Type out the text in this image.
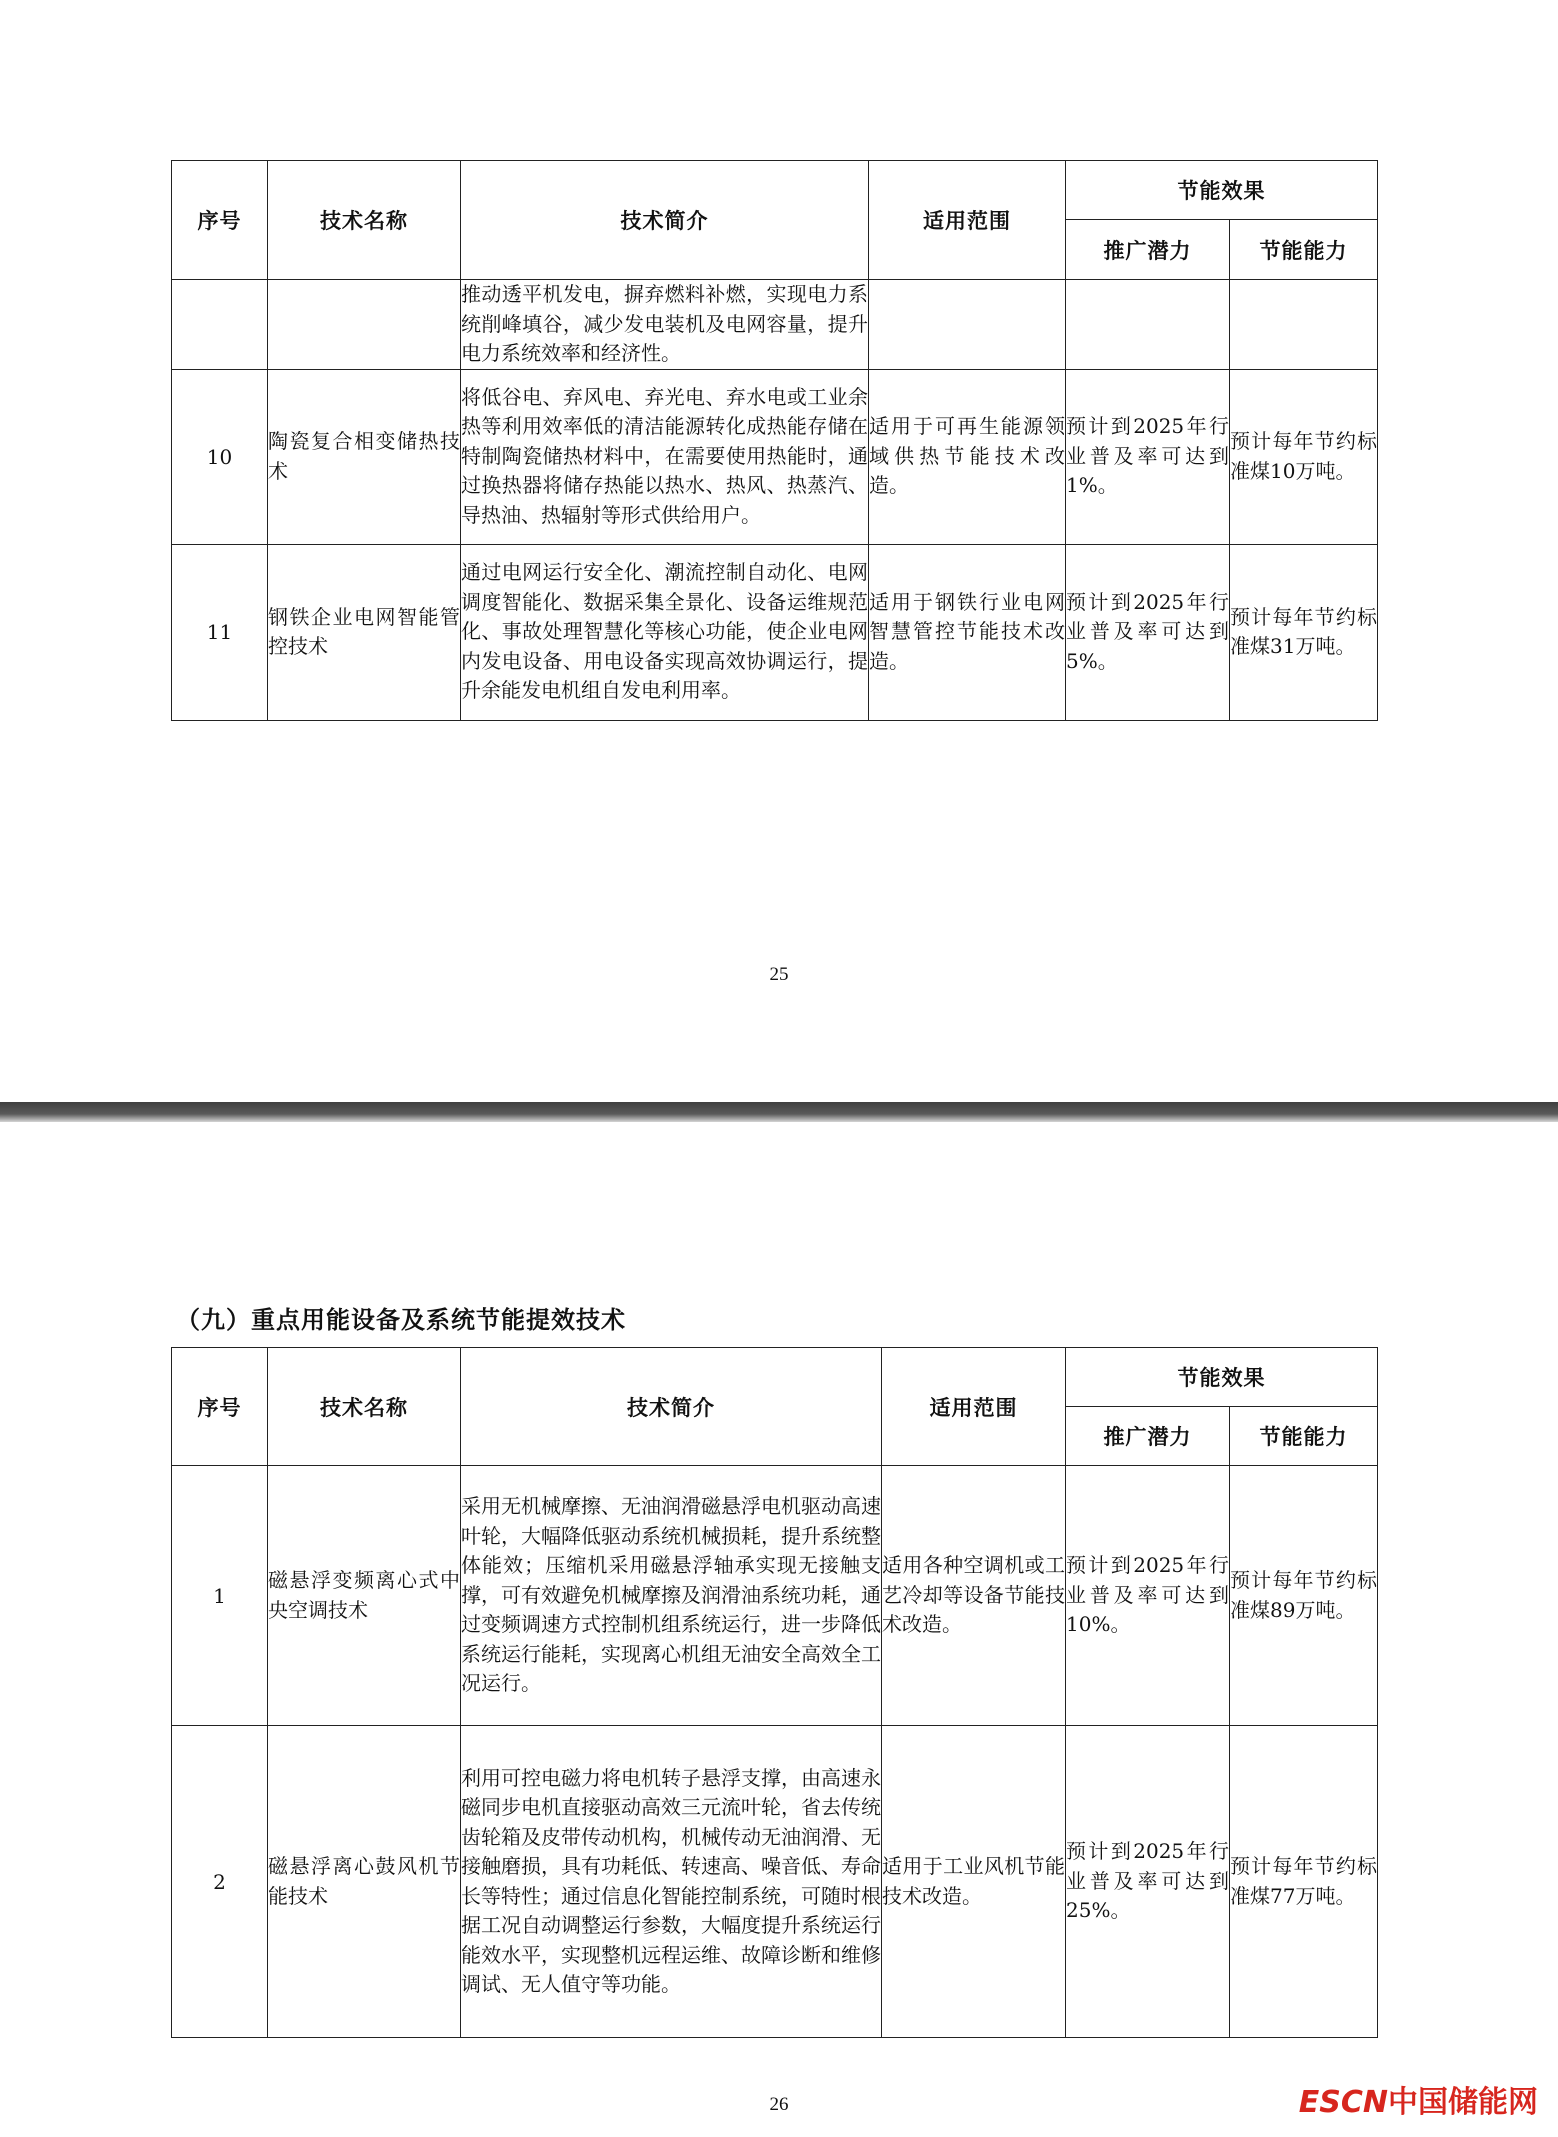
序号	技术名称	技术简介	适用范围	节能效果	
				推广潜力	节能能力
		推动透平机发电，摒弃燃料补燃，实现电力系统削峰填谷，减少发电装机及电网容量，提升电力系统效率和经济性。			
10	陶瓷复合相变储热技术	将低谷电、弃风电、弃光电、弃水电或工业余热等利用效率低的清洁能源转化成热能存储在特制陶瓷储热材料中，在需要使用热能时，通过换热器将储存热能以热水、热风、热蒸汽、导热油、热辐射等形式供给用户。	适用于可再生能源领域供热节能技术改造。	预计到2025年行业普及率可达到1%。	预计每年节约标准煤10万吨。
11	钢铁企业电网智能管控技术	通过电网运行安全化、潮流控制自动化、电网调度智能化、数据采集全景化、设备运维规范化、事故处理智慧化等核心功能，使企业电网内发电设备、用电设备实现高效协调运行，提升余能发电机组自发电利用率。	适用于钢铁行业电网智慧管控节能技术改造。	预计到2025年行业普及率可达到5%。	预计每年节约标准煤31万吨。
25
（九）重点用能设备及系统节能提效技术
序号	技术名称	技术简介	适用范围	节能效果	
				推广潜力	节能能力
1	磁悬浮变频离心式中央空调技术	采用无机械摩擦、无油润滑磁悬浮电机驱动高速叶轮，大幅降低驱动系统机械损耗，提升系统整体能效；压缩机采用磁悬浮轴承实现无接触支撑，可有效避免机械摩擦及润滑油系统功耗，通过变频调速方式控制机组系统运行，进一步降低系统运行能耗，实现离心机组无油安全高效全工况运行。	适用各种空调机或工艺冷却等设备节能技术改造。	预计到2025年行业普及率可达到10%。	预计每年节约标准煤89万吨。
2	磁悬浮离心鼓风机节能技术	利用可控电磁力将电机转子悬浮支撑，由高速永磁同步电机直接驱动高效三元流叶轮，省去传统齿轮箱及皮带传动机构，机械传动无油润滑、无接触磨损，具有功耗低、转速高、噪音低、寿命长等特性；通过信息化智能控制系统，可随时根据工况自动调整运行参数，大幅度提升系统运行能效水平，实现整机远程运维、故障诊断和维修调试、无人值守等功能。	适用于工业风机节能技术改造。	预计到2025年行业普及率可达到25%。	预计每年节约标准煤77万吨。
26	ESCN中国储能网
